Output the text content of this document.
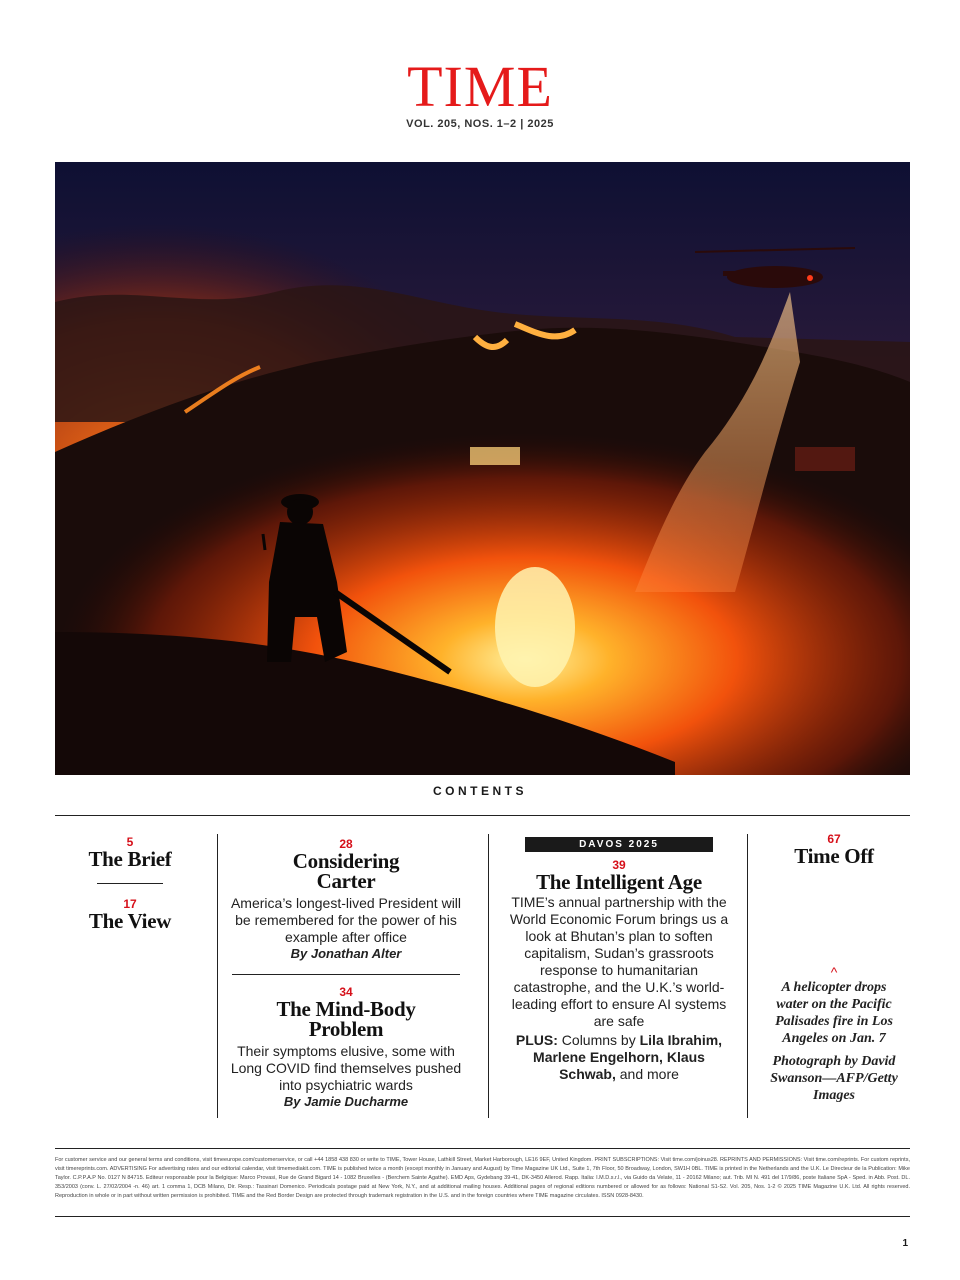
TIME
VOL. 205, NOS. 1–2 | 2025
CONTENTS
5
The Brief
17
The View
28
Considering Carter
America’s longest-lived President will be remembered for the power of his example after office
By Jonathan Alter
34
The Mind-Body Problem
Their symptoms elusive, some with Long COVID find themselves pushed into psychiatric wards
By Jamie Ducharme
DAVOS 2025
39
The Intelligent Age
TIME’s annual partnership with the World Economic Forum brings us a look at Bhutan’s plan to soften capitalism, Sudan’s grassroots response to humanitarian catastrophe, and the U.K.’s world-leading effort to ensure AI systems are safe
PLUS: Columns by Lila Ibrahim, Marlene Engelhorn, Klaus Schwab, and more
67
Time Off
^
A helicopter drops water on the Pacific Palisades fire in Los Angeles on Jan. 7
Photograph by David Swanson—AFP/Getty Images
For customer service and our general terms and conditions, visit timeeurope.com/customerservice, or call +44 1858 438 830 or write to TIME, Tower House, Lathkill Street, Market Harborough, LE16 9EF, United Kingdom. PRINT SUBSCRIPTIONS: Visit time.com/joinus28. REPRINTS AND PERMISSIONS: Visit time.com/reprints. For custom reprints, visit timereprints.com. ADVERTISING For advertising rates and our editorial calendar, visit timemediakit.com. TIME is published twice a month (except monthly in January and August) by Time Magazine UK Ltd., Suite 1, 7th Floor, 50 Broadway, London, SW1H 0BL. TIME is printed in the Netherlands and the U.K. Le Directeur de la Publication: Mike Taylor. C.P.P.A.P No. 0127 N 84715. Editeur responsable pour la Belgique: Marco Provasi, Rue de Grand Bigard 14 - 1082 Bruxelles - (Berchem Sainte Agathe). EMD Aps, Gydebang 39-41, DK-3450 Allerod. Rapp. Italia: I.M.D.s.r.l., via Guido da Velate, 11 - 20162 Milano; aut. Trib. MI N. 491 del 17/9/86, poste Italiane SpA - Sped. in Abb. Post. DL. 353/2003 (conv. L. 27/02/2004 -n. 46) art. 1 comma 1, DCB Milano, Dir. Resp.: Tassinari Domenico. Periodicals postage paid at New York, N.Y., and at additional mailing houses. Additional pages of regional editions numbered or allowed for as follows: National S1-S2. Vol. 205, Nos. 1-2 © 2025 TIME Magazine U.K. Ltd. All rights reserved. Reproduction in whole or in part without written permission is prohibited. TIME and the Red Border Design are protected through trademark registration in the U.S. and in the foreign countries where TIME magazine circulates. ISSN 0928-8430.
1
